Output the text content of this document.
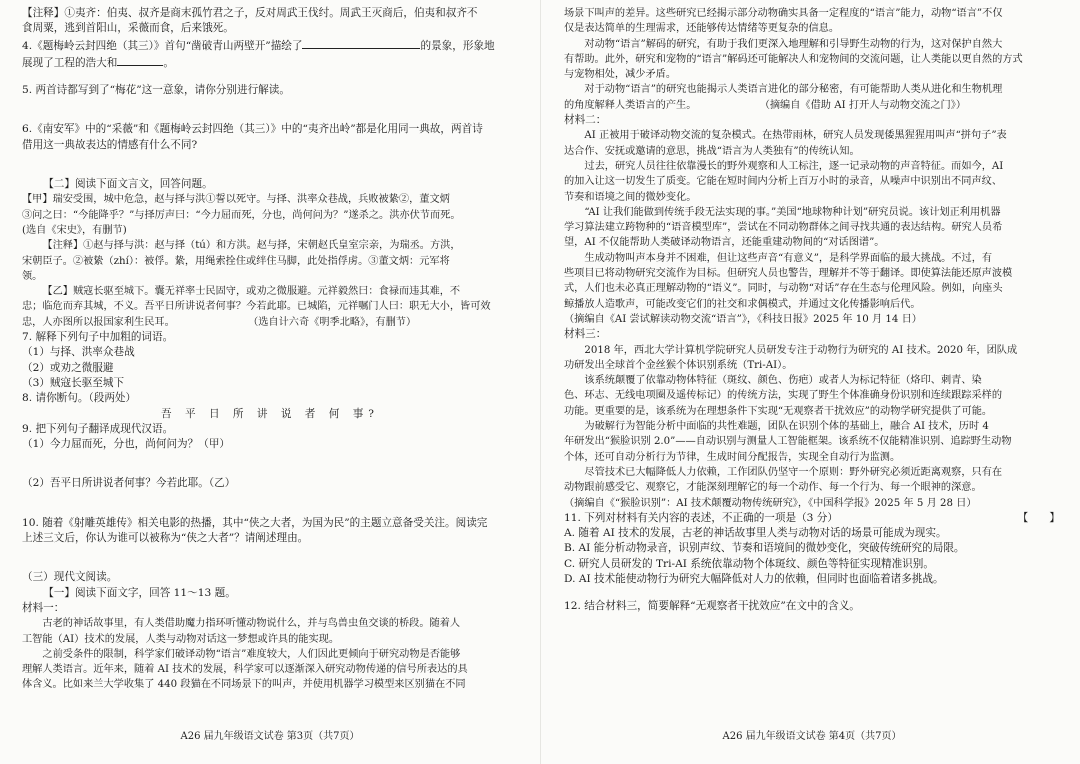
【注释】①夷齐：伯夷、叔齐是商末孤竹君之子，反对周武王伐纣。周武王灭商后，伯夷和叔齐不

食周粟，逃到首阳山，采薇而食，后来饿死。

4.《题梅岭云封四绝（其三）》首句“凿破青山两壁开”描绘了	的景象，形象地

展现了工程的浩大和	。

5. 两首诗都写到了“梅花”这一意象，请你分别进行解读。

6.《南安军》中的“采薇”和《题梅岭云封四绝（其三）》中的“夷齐出岭”都是化用同一典故，两首诗

借用这一典故表达的情感有什么不同?

【二】阅读下面文言文，回答问题。

【甲】瑞安受围，城中危急，赵与择与洪①誓以死守。与择、洪率众巷战，兵败被絷②，董文炳

③问之曰：“今能降乎？”与择厉声曰：“今力屈而死，分也，尚何问为？”遂杀之。洪亦伏节而死。

(选自《宋史》，有删节)

【注释】①赵与择与洪：赵与择（tú）和方洪。赵与择，宋朝赵氏皇室宗亲，为瑞丞。方洪，

宋朝臣子。②被絷（zhí）：被俘。絷，用绳索拴住或绊住马脚，此处指俘虏。③董文炳：元军将

领。

【乙】贼寇长驱至城下。囊无祥率士民固守，或劝之微服避。元祥毅然曰：食禄而违其难，不

忠；临危而弃其城，不义。吾平日所讲说者何事？今若此耶。已城陷，元祥嘱门人曰：职无大小，皆可效

忠，人亦图所以报国家利生民耳。	（选自计六奇《明季北略》，有删节）

7. 解释下列句子中加粗的词语。

（1）与择、洪率众巷战

（2）或劝之微服避

（3）贼寇长驱至城下

8. 请你断句。（段两处）

吾 平 日 所 讲 说 者 何 事?

9. 把下列句子翻译成现代汉语。

（1）今力屈而死，分也，尚何问为？（甲）

（2）吾平日所讲说者何事？今若此耶。（乙）

10. 随着《射雕英雄传》相关电影的热播，其中“侠之大者，为国为民”的主题立意备受关注。阅读完

上述三文后，你认为谁可以被称为“侠之大者”？请阐述理由。

（三）现代文阅读。

【一】阅读下面文字，回答 11～13 题。

材料一：

古老的神话故事里，有人类借助魔力指环听懂动物说什么，并与鸟兽虫鱼交谈的桥段。随着人

工智能（AI）技术的发展，人类与动物对话这一梦想或许具的能实现。

之前受条件的限制，科学家们破译动物“语言”难度较大，人们因此更倾向于研究动物是否能够

理解人类语言。近年来，随着 AI 技术的发展，科学家可以逐渐深入研究动物传递的信号所表达的具

体含义。比如来兰大学收集了 440 段猫在不同场景下的叫声，并使用机器学习模型来区别猫在不同

A26 届九年级语文试卷 第3页（共7页）

场景下叫声的差异。这些研究已经揭示部分动物确实具备一定程度的“语言”能力，动物“语言”不仅

仅是表达简单的生理需求，还能够传达情绪等更复杂的信息。

对动物“语言”解码的研究，有助于我们更深入地理解和引导野生动物的行为，这对保护自然大

有帮助。此外，研究和宠物的“语言”解码还可能解决人和宠物间的交流问题，让人类能以更自然的方式

与宠物相处，减少矛盾。

对于动物“语言”的研究也能揭示人类语言进化的部分秘密，有可能帮助人类从进化和生物机理

的角度解释人类语言的产生。	（摘编自《借助 AI 打开人与动物交流之门》）

材料二：

AI 正被用于破译动物交流的复杂模式。在热带雨林，研究人员发现倭黑猩猩用叫声“拼句子”表

达合作、安抚或邀请的意思，挑战“语言为人类独有”的传统认知。

过去，研究人员往往依靠漫长的野外观察和人工标注，逐一记录动物的声音特征。而如今，AI

的加入让这一切发生了质变。它能在短时间内分析上百万小时的录音，从噪声中识别出不同声纹、

节奏和语境之间的微妙变化。

“AI 让我们能做到传统手段无法实现的事。”美国“地球物种计划”研究员说。该计划正利用机器

学习算法建立跨物种的“语音模型库”，尝试在不同动物群体之间寻找共通的表达结构。研究人员希

望，AI 不仅能帮助人类破译动物语言，还能重建动物间的“对话图谱”。

生成动物叫声本身并不困难，但让这些声音“有意义”，是科学界面临的最大挑战。不过，有

些项目已将动物研究交流作为目标。但研究人员也警告，理解并不等于翻译。即使算法能还原声波模

式，人们也未必真正理解动物的“语义”。同时，与动物“对话”存在生态与伦理风险。例如，向座头

鲸播放人造歌声，可能改变它们的社交和求偶模式，并通过文化传播影响后代。

（摘编自《AI 尝试解读动物交流“语言”》，《科技日报》2025 年 10 月 14 日）

材料三：

2018 年，西北大学计算机学院研究人员研发专注于动物行为研究的 AI 技术。2020 年，团队成

功研发出全球首个金丝猴个体识别系统（Tri-AI）。

该系统颠覆了依靠动物体特征（斑纹、颜色、伤疤）或者人为标记特征（烙印、刺青、染

色、环志、无线电项圈及遥传标记）的传统方法，实现了野生个体准确身份识别和连续跟踪采样的

功能。更重要的是，该系统为在理想条件下实现“无观察者干扰效应”的动物学研究提供了可能。

为破解行为智能分析中面临的共性难题，团队在识别个体的基础上，融合 AI 技术，历时 4

年研发出“猴脸识别 2.0”——自动识别与测量人工智能框架。该系统不仅能精准识别、追踪野生动物

个体，还可自动分析行为节律，生成时间分配报告，实现全自动行为监测。

尽管技术已大幅降低人力依赖，工作团队仍坚守一个原则：野外研究必须近距离观察，只有在

动物跟前感受它、观察它，才能深刻理解它的每一个动作、每一个行为、每一个眼神的深意。

（摘编自《“猴脸识别”：AI 技术颠覆动物传统研究》，《中国科学报》2025 年 5 月 28 日）

11. 下列对材料有关内容的表述，不正确的一项是（3 分）	【　　】

A. 随着 AI 技术的发展，古老的神话故事里人类与动物对话的场景可能成为现实。

B. AI 能分析动物录音，识别声纹、节奏和语境间的微妙变化，突破传统研究的局限。

C. 研究人员研发的 Tri-AI 系统依靠动物个体斑纹、颜色等特征实现精准识别。

D. AI 技术能使动物行为研究大幅降低对人力的依赖，但同时也面临着诸多挑战。

12. 结合材料三，简要解释“无观察者干扰效应”在文中的含义。

A26 届九年级语文试卷 第4页（共7页）
